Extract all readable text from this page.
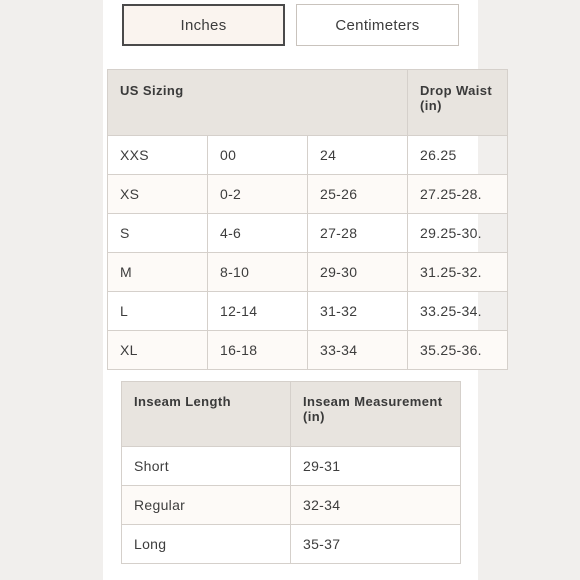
Inches	Centimeters
US Sizing			Drop Waist (in)
XXS	00	24	26.25
XS	0-2	25-26	27.25-28.
S	4-6	27-28	29.25-30.
M	8-10	29-30	31.25-32.
L	12-14	31-32	33.25-34.
XL	16-18	33-34	35.25-36.
Inseam Length	Inseam Measurement (in)
Short	29-31
Regular	32-34
Long	35-37
